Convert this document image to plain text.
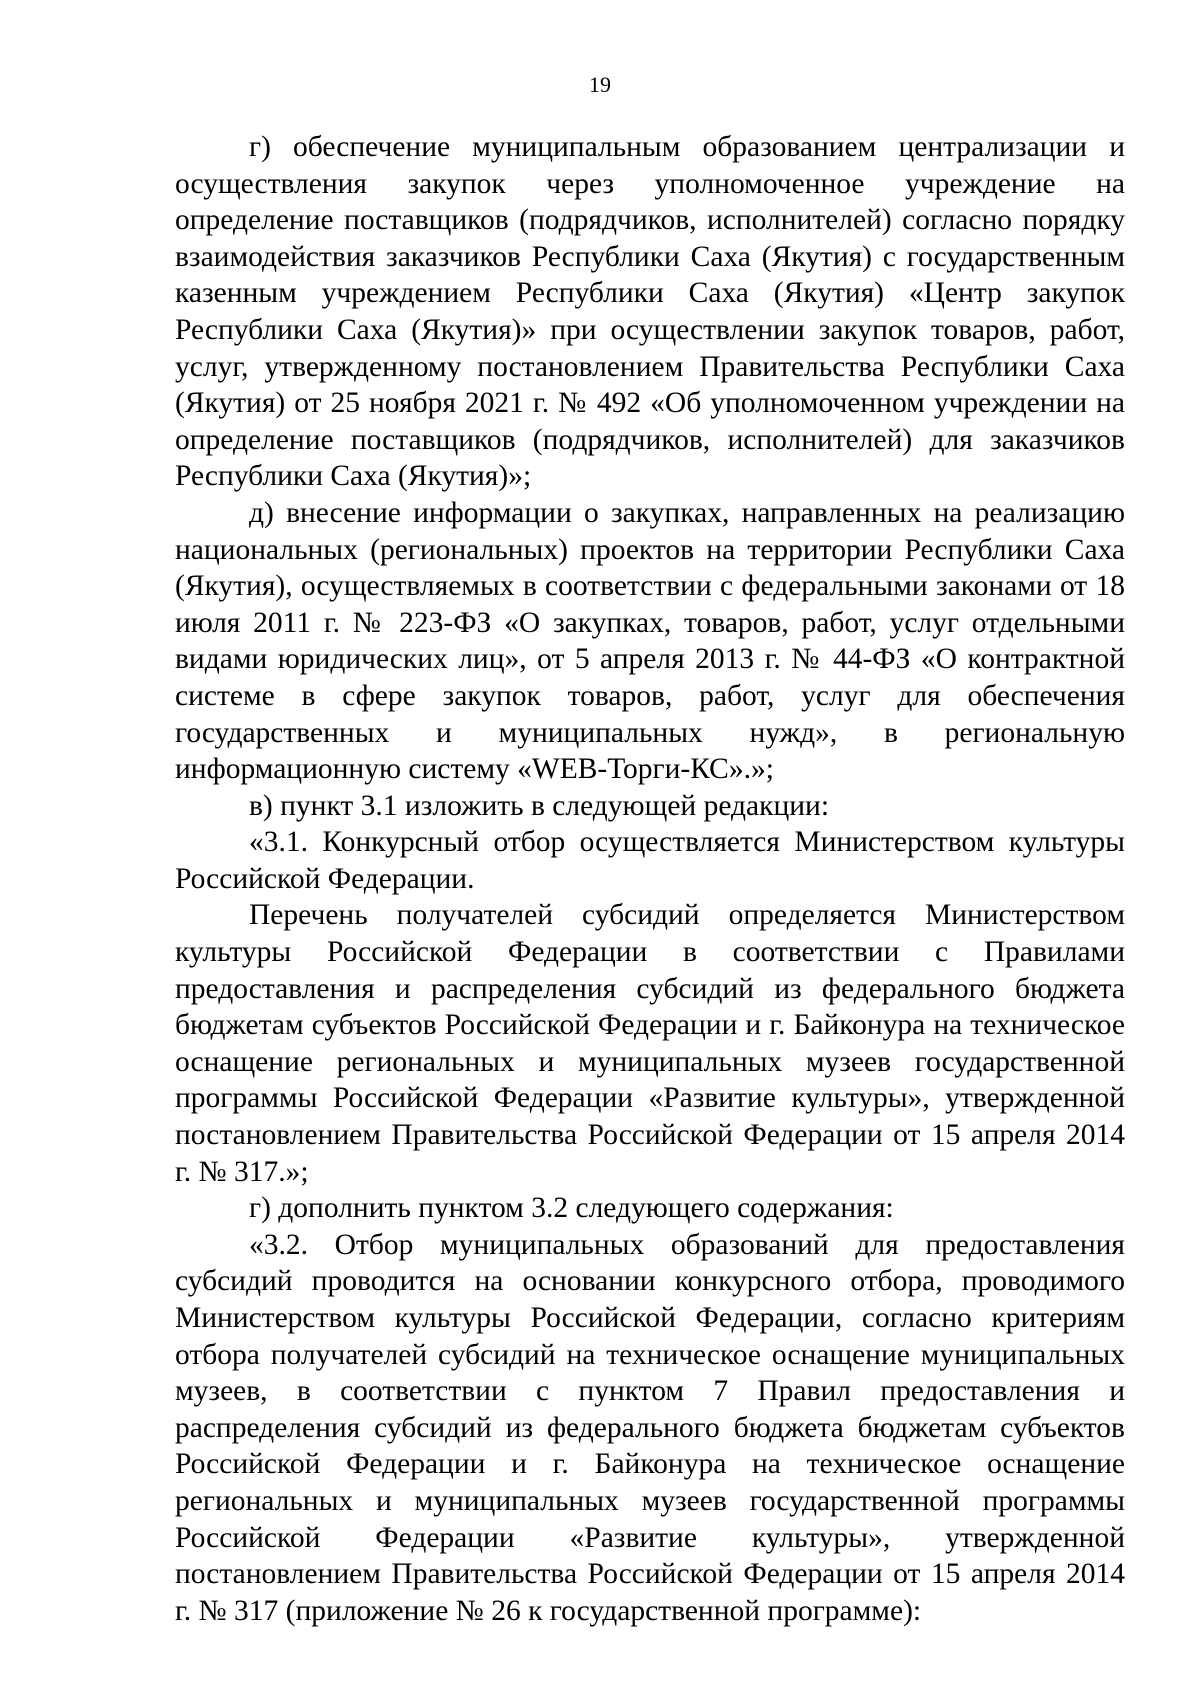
19

г) обеспечение муниципальным образованием централизации и осуществления закупок через уполномоченное учреждение на определение поставщиков (подрядчиков, исполнителей) согласно порядку взаимодействия заказчиков Республики Саха (Якутия) с государственным казенным учреждением Республики Саха (Якутия) «Центр закупок Республики Саха (Якутия)» при осуществлении закупок товаров, работ, услуг, утвержденному постановлением Правительства Республики Саха (Якутия) от 25 ноября 2021 г. № 492 «Об уполномоченном учреждении на определение поставщиков (подрядчиков, исполнителей) для заказчиков Республики Саха (Якутия)»;

д) внесение информации о закупках, направленных на реализацию национальных (региональных) проектов на территории Республики Саха (Якутия), осуществляемых в соответствии с федеральными законами от 18 июля 2011 г. № 223-ФЗ «О закупках, товаров, работ, услуг отдельными видами юридических лиц», от 5 апреля 2013 г. № 44-ФЗ «О контрактной системе в сфере закупок товаров, работ, услуг для обеспечения государственных и муниципальных нужд», в региональную информационную систему «WEB-Торги-КС».»;

в) пункт 3.1 изложить в следующей редакции:

«3.1. Конкурсный отбор осуществляется Министерством культуры Российской Федерации.

Перечень получателей субсидий определяется Министерством культуры Российской Федерации в соответствии с Правилами предоставления и распределения субсидий из федерального бюджета бюджетам субъектов Российской Федерации и г. Байконура на техническое оснащение региональных и муниципальных музеев государственной программы Российской Федерации «Развитие культуры», утвержденной постановлением Правительства Российской Федерации от 15 апреля 2014 г. № 317.»;

г) дополнить пунктом 3.2 следующего содержания:

«3.2. Отбор муниципальных образований для предоставления субсидий проводится на основании конкурсного отбора, проводимого Министерством культуры Российской Федерации, согласно критериям отбора получателей субсидий на техническое оснащение муниципальных музеев, в соответствии с пунктом 7 Правил предоставления и распределения субсидий из федерального бюджета бюджетам субъектов Российской Федерации и г. Байконура на техническое оснащение региональных и муниципальных музеев государственной программы Российской Федерации «Развитие культуры», утвержденной постановлением Правительства Российской Федерации от 15 апреля 2014 г. № 317 (приложение № 26 к государственной программе):
